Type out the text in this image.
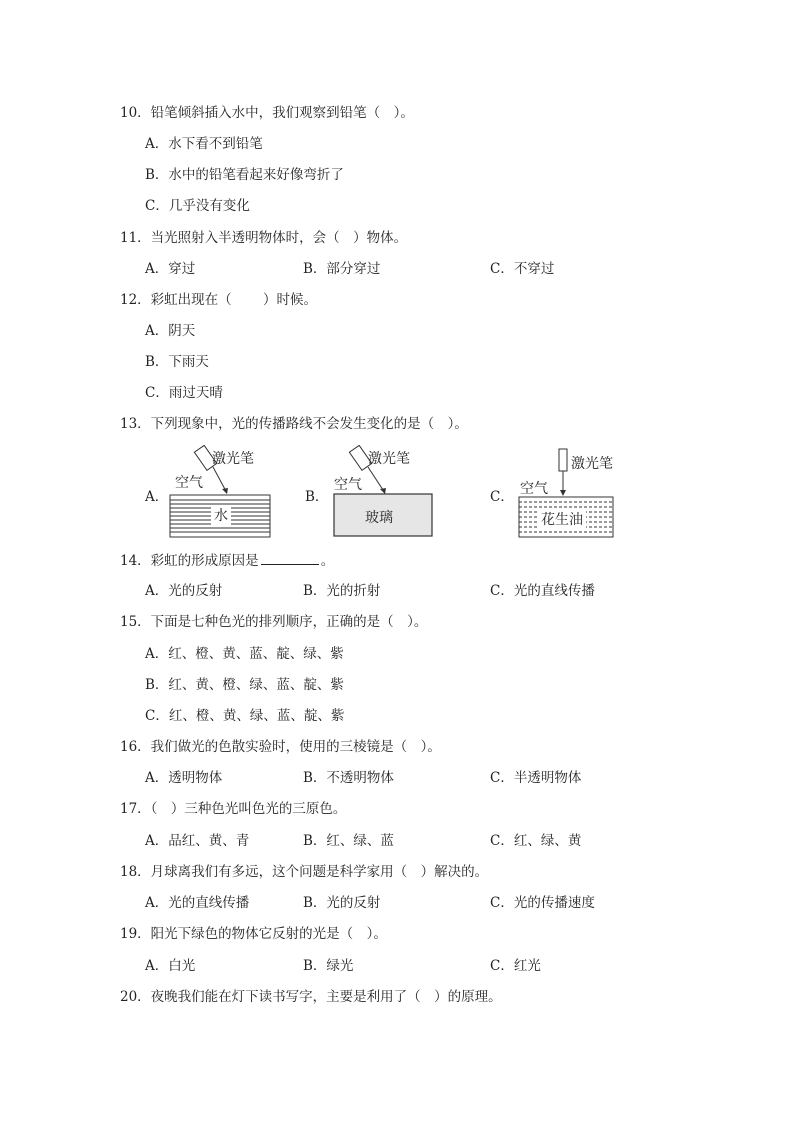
10．铅笔倾斜插入水中，我们观察到铅笔（　）。
A．水下看不到铅笔
B．水中的铅笔看起来好像弯折了
C．几乎没有变化
11．当光照射入半透明物体时，会（　）物体。
A．穿过	B．部分穿过	C．不穿过
12．彩虹出现在（　　 ）时候。
A．阴天
B．下雨天
C．雨过天晴
13．下列现象中，光的传播路线不会发生变化的是（　）。
A．
激光笔
空气
水
B．
激光笔
空气
玻璃
C．
激光笔
空气
花生油
14．彩虹的形成原因是	。
A．光的反射	B．光的折射	C．光的直线传播
15．下面是七种色光的排列顺序，正确的是（　）。
A．红、橙、黄、蓝、靛、绿、紫
B．红、黄、橙、绿、蓝、靛、紫
C．红、橙、黄、绿、蓝、靛、紫
16．我们做光的色散实验时，使用的三棱镜是（　）。
A．透明物体	B．不透明物体	C．半透明物体
17．（　）三种色光叫色光的三原色。
A．品红、黄、青	B．红、绿、蓝	C．红、绿、黄
18．月球离我们有多远，这个问题是科学家用（　）解决的。
A．光的直线传播	B．光的反射	C．光的传播速度
19．阳光下绿色的物体它反射的光是（　）。
A．白光	B．绿光	C．红光
20．夜晚我们能在灯下读书写字，主要是利用了（　）的原理。
